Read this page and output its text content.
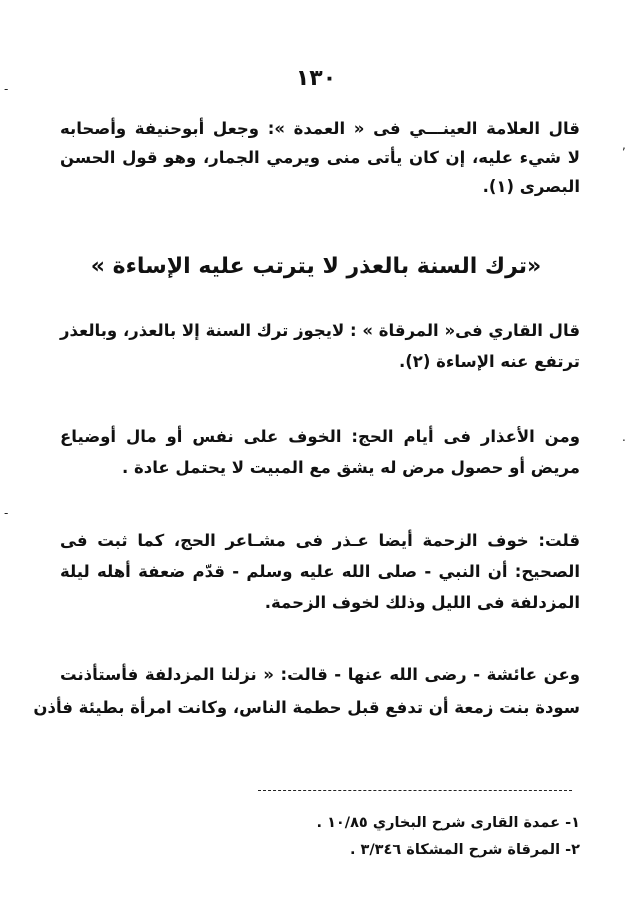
١٣٠
قال العلامة العينـــي فى « العمدة »: وجعل أبوحنيفة وأصحابه
لا شيء عليه، إن كان يأتى منى ويرمي الجمار، وهو قول الحسن
البصرى (١).
«ترك السنة بالعذر لا يترتب عليه الإساءة »
قال القاري فى« المرقاة » : لايجوز ترك السنة إلا بالعذر، وبالعذر
ترتفع عنه الإساءة (٢).
ومن الأعذار فى أيام الحج: الخوف على نفس أو مال أوضياع
مريض أو حصول مرض له يشق مع المبيت لا يحتمل عادة .
قلت: خوف الزحمة أيضا عـذر فى مشـاعر الحج، كما ثبت فى
الصحيح: أن النبي - صلى الله عليه وسلم - قدّم ضعفة أهله ليلة
المزدلفة فى الليل وذلك لخوف الزحمة.
وعن عائشة - رضى الله عنها - قالت: « نزلنا المزدلفة فأستأذنت
سودة بنت زمعة أن تدفع قبل حطمة الناس، وكانت امرأة بطيئة فأذن
١- عمدة القارى شرح البخاري ١٠/٨٥ .
٢- المرقاة شرح المشكاة ٣/٣٤٦ .
-
,
.
-
